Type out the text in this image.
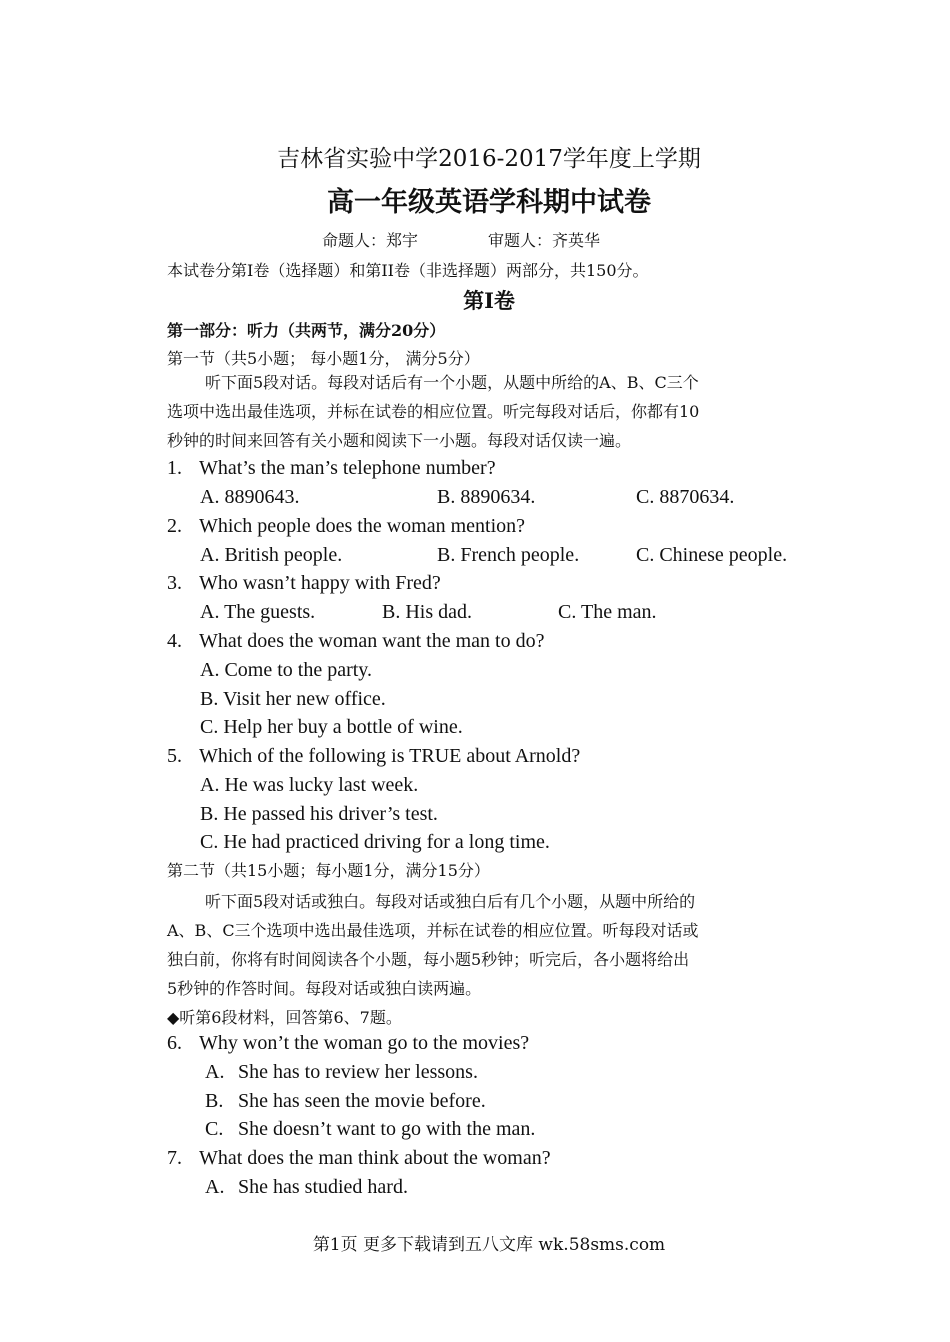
吉林省实验中学2016-2017学年度上学期
高一年级英语学科期中试卷
命题人：郑宇	审题人：齐英华
本试卷分第Ⅰ卷（选择题）和第II卷（非选择题）两部分，共150分。
第Ⅰ卷
第一部分：听力（共两节，满分20分）
第一节（共5小题； 每小题1分， 满分5分）
听下面5段对话。每段对话后有一个小题，从题中所给的A、B、C三个
选项中选出最佳选项，并标在试卷的相应位置。听完每段对话后，你都有10
秒钟的时间来回答有关小题和阅读下一小题。每段对话仅读一遍。
1. What’s the man’s telephone number?
A. 8890643.	B. 8890634.	C. 8870634.
2. Which people does the woman mention?
A. British people.	B. French people.	C. Chinese people.
3. Who wasn’t happy with Fred?
A. The guests.	B. His dad.	C. The man.
4. What does the woman want the man to do?
A. Come to the party.
B. Visit her new office.
C. Help her buy a bottle of wine.
5. Which of the following is TRUE about Arnold?
A. He was lucky last week.
B. He passed his driver’s test.
C. He had practiced driving for a long time.
第二节（共15小题；每小题1分，满分15分）
听下面5段对话或独白。每段对话或独白后有几个小题，从题中所给的
A、B、C三个选项中选出最佳选项，并标在试卷的相应位置。听每段对话或
独白前，你将有时间阅读各个小题，每小题5秒钟；听完后，各小题将给出
5秒钟的作答时间。每段对话或独白读两遍。
◆听第6段材料，回答第6、7题。
6. Why won’t the woman go to the movies?
A. She has to review her lessons.
B. She has seen the movie before.
C. She doesn’t want to go with the man.
7. What does the man think about the woman?
A. She has studied hard.
第1页 更多下载请到五八文库 wk.58sms.com
